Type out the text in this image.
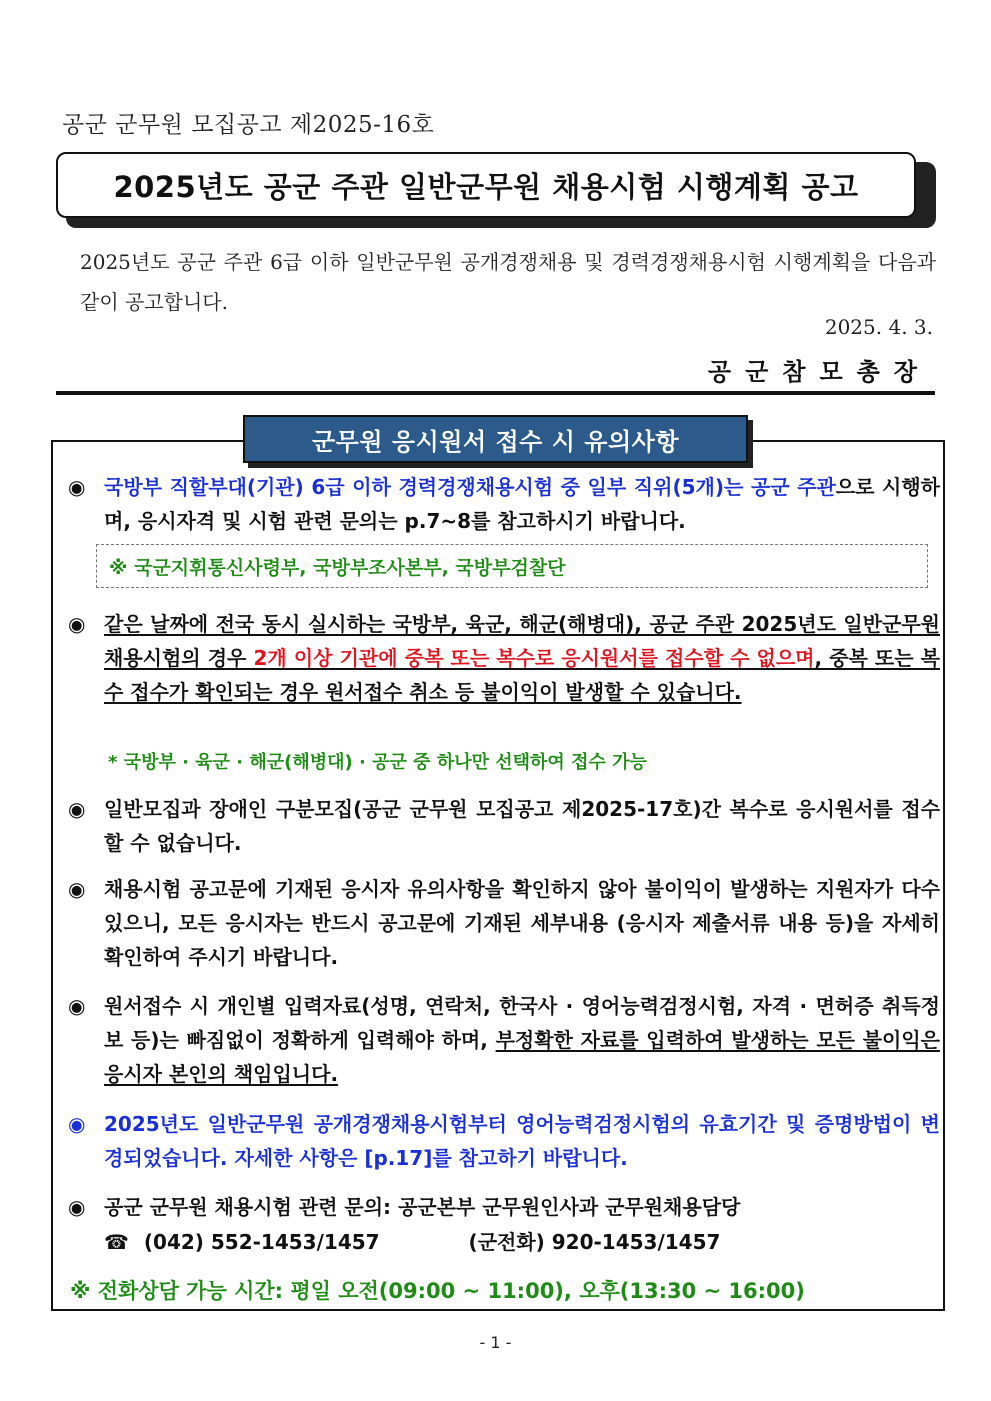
공군 군무원 모집공고 제2025-16호
2025년도 공군 주관 일반군무원 채용시험 시행계획 공고
2025년도 공군 주관 6급 이하 일반군무원 공개경쟁채용 및 경력경쟁채용시험 시행계획을 다음과 같이 공고합니다.
2025. 4. 3.
공군참모총장
군무원 응시원서 접수 시 유의사항
◉ 국방부 직할부대(기관) 6급 이하 경력경쟁채용시험 중 일부 직위(5개)는 공군 주관으로 시행하며, 응시자격 및 시험 관련 문의는 p.7~8를 참고하시기 바랍니다.
※ 국군지휘통신사령부, 국방부조사본부, 국방부검찰단
◉ 같은 날짜에 전국 동시 실시하는 국방부, 육군, 해군(해병대), 공군 주관 2025년도 일반군무원 채용시험의 경우 2개 이상 기관에 중복 또는 복수로 응시원서를 접수할 수 없으며, 중복 또는 복수 접수가 확인되는 경우 원서접수 취소 등 불이익이 발생할 수 있습니다.
* 국방부 · 육군 · 해군(해병대) · 공군 중 하나만 선택하여 접수 가능
◉ 일반모집과 장애인 구분모집(공군 군무원 모집공고 제2025-17호)간 복수로 응시원서를 접수할 수 없습니다.
◉ 채용시험 공고문에 기재된 응시자 유의사항을 확인하지 않아 불이익이 발생하는 지원자가 다수 있으니, 모든 응시자는 반드시 공고문에 기재된 세부내용 (응시자 제출서류 내용 등)을 자세히 확인하여 주시기 바랍니다.
◉ 원서접수 시 개인별 입력자료(성명, 연락처, 한국사 · 영어능력검정시험, 자격 · 면허증 취득정보 등)는 빠짐없이 정확하게 입력해야 하며, 부정확한 자료를 입력하여 발생하는 모든 불이익은 응시자 본인의 책임입니다.
◉ 2025년도 일반군무원 공개경쟁채용시험부터 영어능력검정시험의 유효기간 및 증명방법이 변경되었습니다. 자세한 사항은 [p.17]를 참고하기 바랍니다.
◉ 공군 군무원 채용시험 관련 문의: 공군본부 군무원인사과 군무원채용담당
☎ (042) 552-1453/1457	(군전화) 920-1453/1457
※ 전화상담 가능 시간: 평일 오전(09:00 ~ 11:00), 오후(13:30 ~ 16:00)
- 1 -
